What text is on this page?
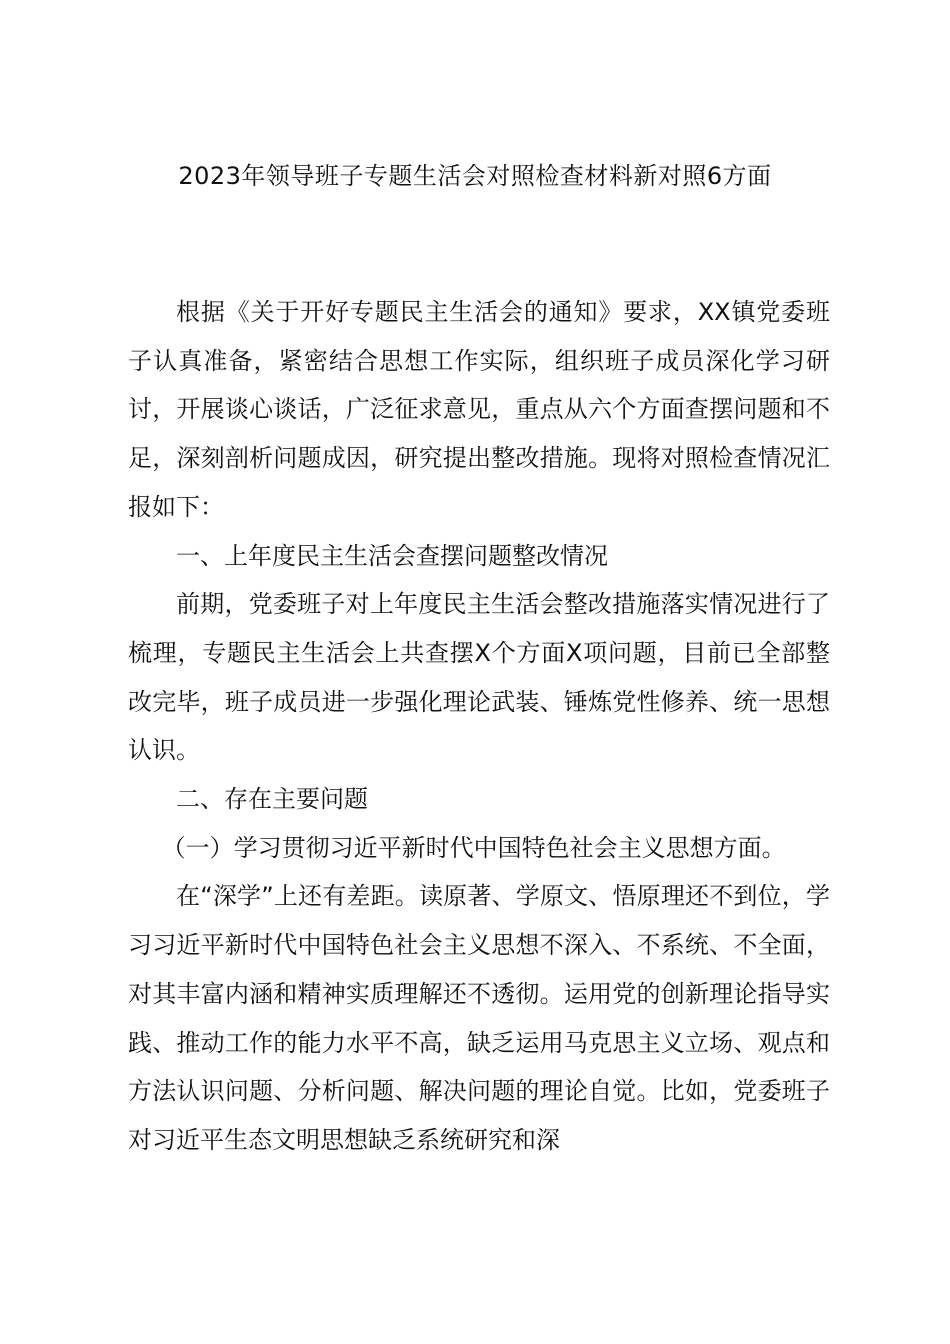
2023年领导班子专题生活会对照检查材料新对照6方面

根据《关于开好专题民主生活会的通知》要求，XX镇党委班子认真准备，紧密结合思想工作实际，组织班子成员深化学习研讨，开展谈心谈话，广泛征求意见，重点从六个方面查摆问题和不足，深刻剖析问题成因，研究提出整改措施。现将对照检查情况汇报如下：

一、上年度民主生活会查摆问题整改情况

前期，党委班子对上年度民主生活会整改措施落实情况进行了梳理，专题民主生活会上共查摆X个方面X项问题，目前已全部整改完毕，班子成员进一步强化理论武装、锤炼党性修养、统一思想认识。

二、存在主要问题

（一）学习贯彻习近平新时代中国特色社会主义思想方面。

在“深学”上还有差距。读原著、学原文、悟原理还不到位，学习习近平新时代中国特色社会主义思想不深入、不系统、不全面，对其丰富内涵和精神实质理解还不透彻。运用党的创新理论指导实践、推动工作的能力水平不高，缺乏运用马克思主义立场、观点和方法认识问题、分析问题、解决问题的理论自觉。比如，党委班子对习近平生态文明思想缺乏系统研究和深
